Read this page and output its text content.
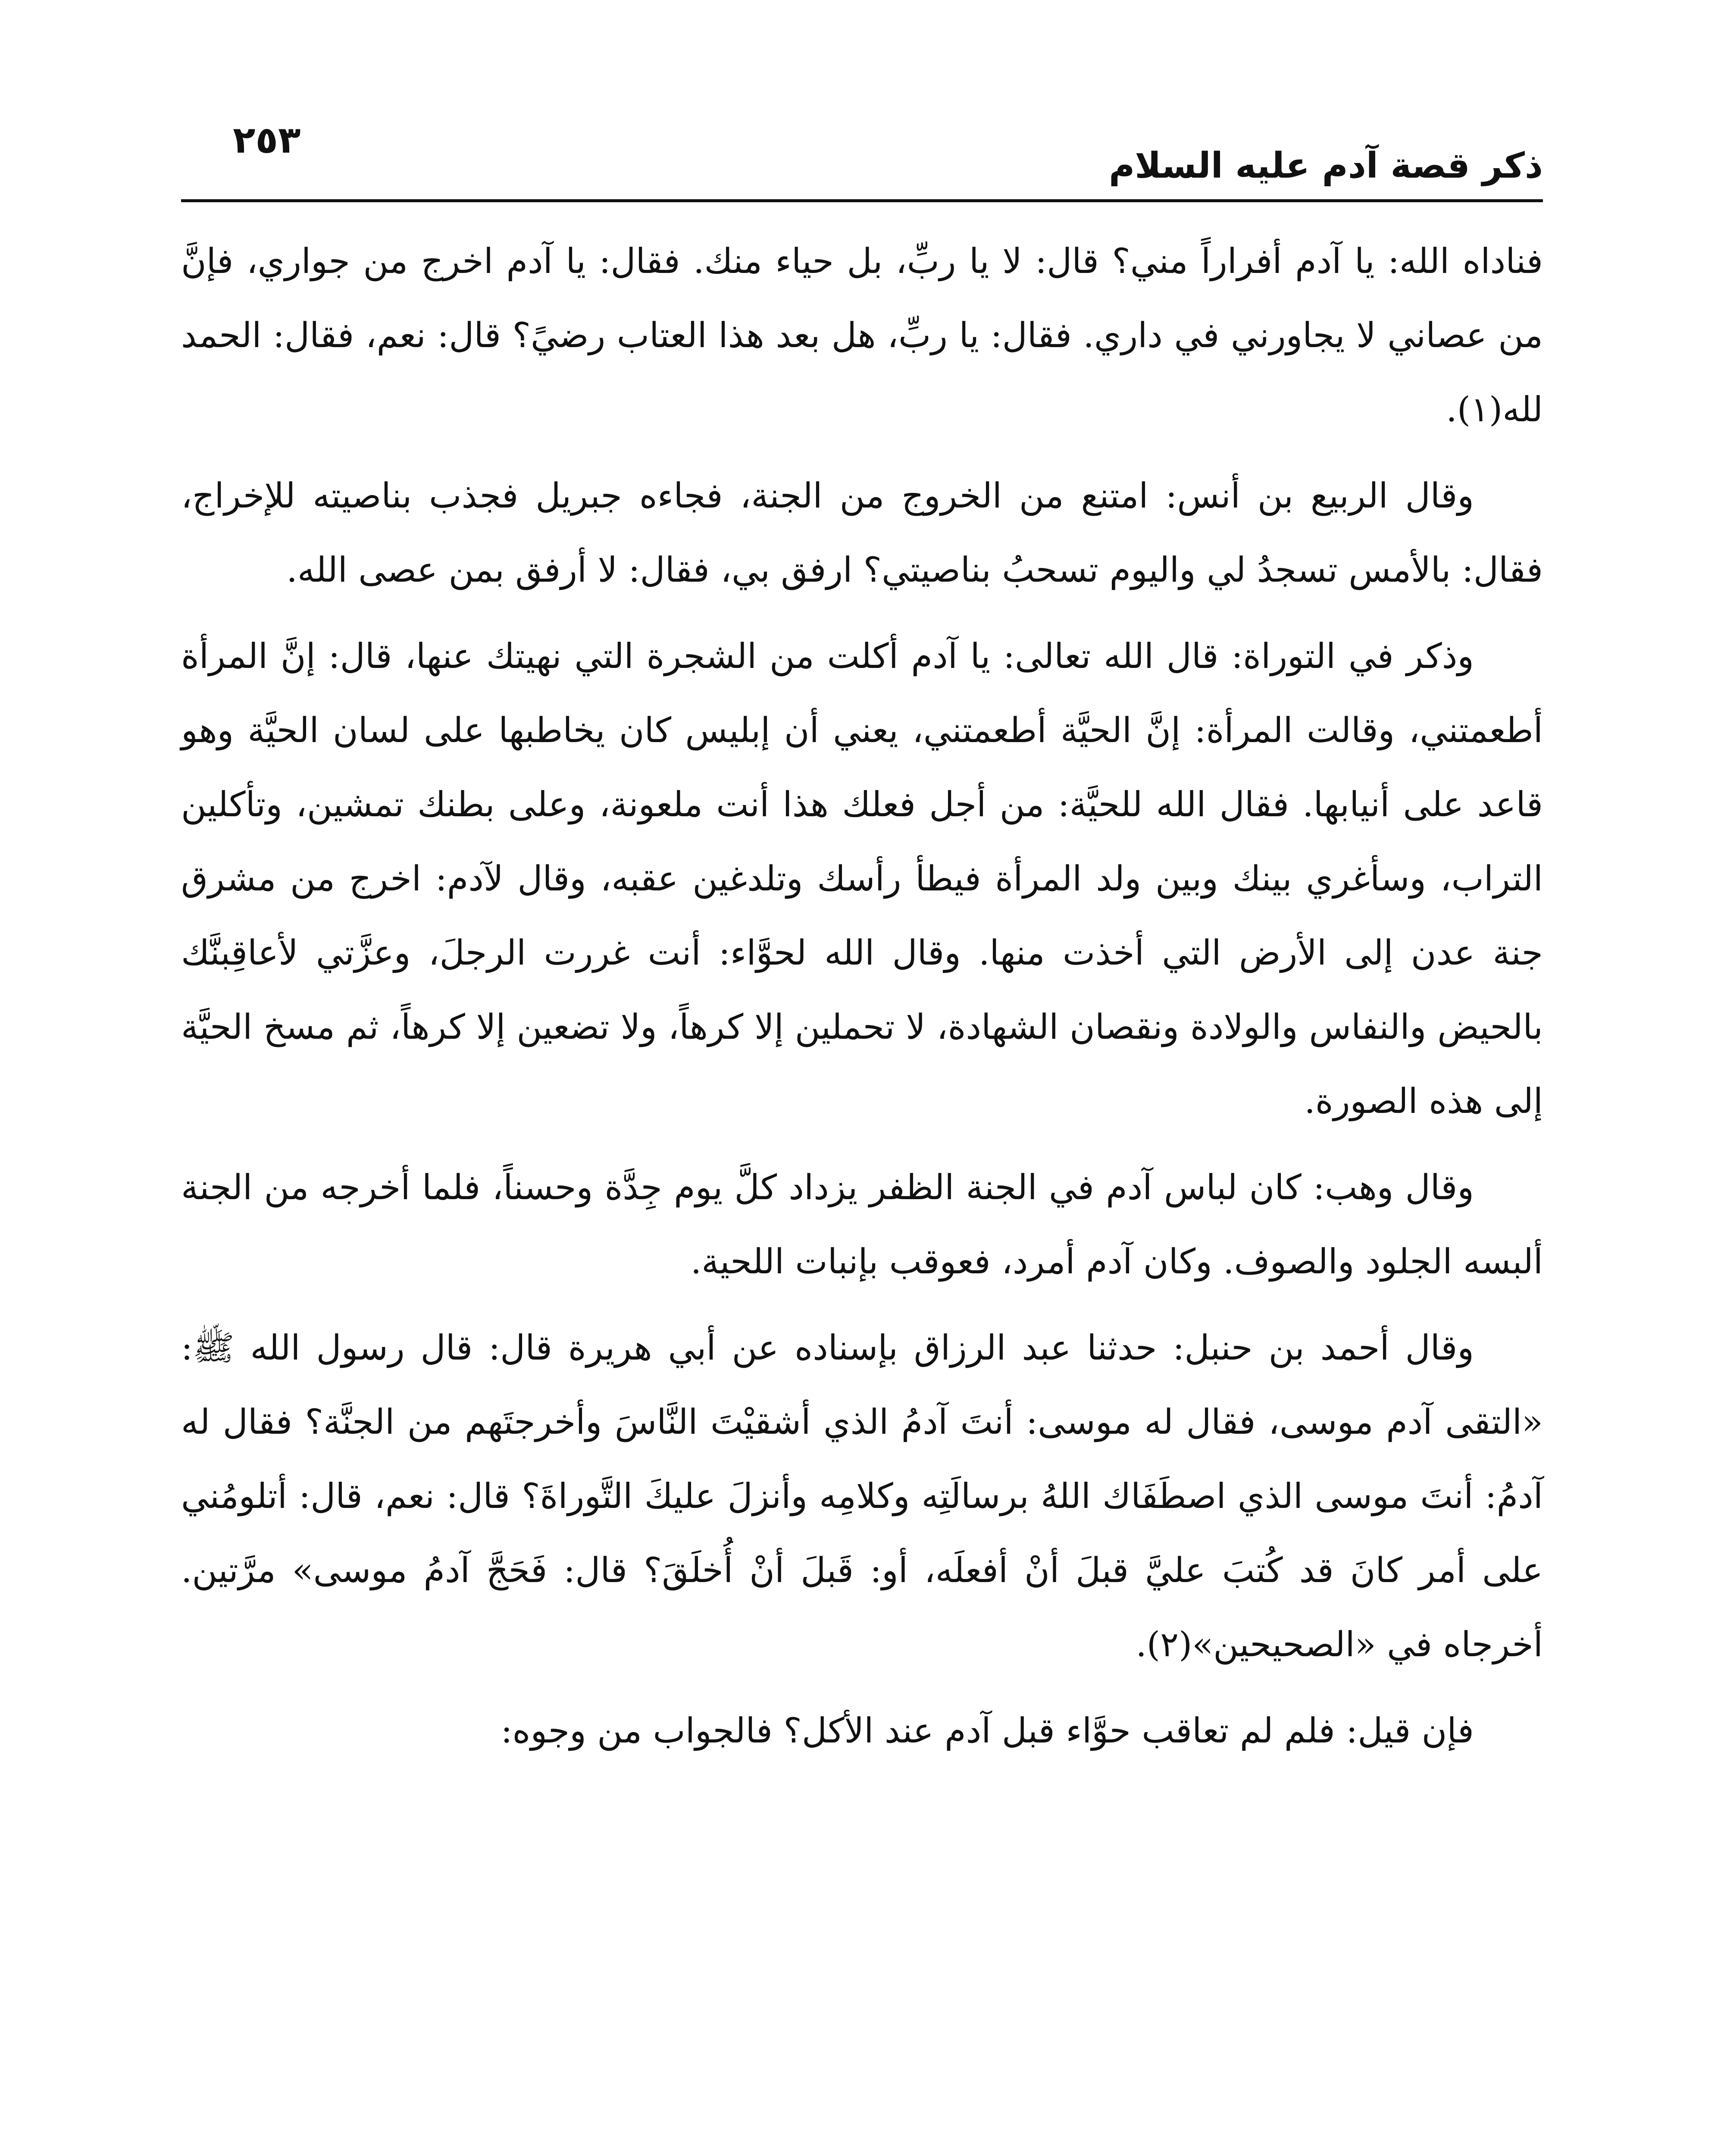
ذكر قصة آدم عليه السلام
٢٥٣

فناداه الله: يا آدم أفراراً مني؟ قال: لا يا ربِّ، بل حياء منك. فقال: يا آدم اخرج من جواري، فإنَّ من عصاني لا يجاورني في داري. فقال: يا ربِّ، هل بعد هذا العتاب رضيً؟ قال: نعم، فقال: الحمد لله(١).

وقال الربيع بن أنس: امتنع من الخروج من الجنة، فجاءه جبريل فجذب بناصيته للإخراج، فقال: بالأمس تسجدُ لي واليوم تسحبُ بناصيتي؟ ارفق بي، فقال: لا أرفق بمن عصى الله.

وذكر في التوراة: قال الله تعالى: يا آدم أكلت من الشجرة التي نهيتك عنها، قال: إنَّ المرأة أطعمتني، وقالت المرأة: إنَّ الحيَّة أطعمتني، يعني أن إبليس كان يخاطبها على لسان الحيَّة وهو قاعد على أنيابها. فقال الله للحيَّة: من أجل فعلك هذا أنت ملعونة، وعلى بطنك تمشين، وتأكلين التراب، وسأغري بينك وبين ولد المرأة فيطأ رأسك وتلدغين عقبه، وقال لآدم: اخرج من مشرق جنة عدن إلى الأرض التي أخذت منها. وقال الله لحوَّاء: أنت غررت الرجلَ، وعزَّتي لأعاقِبنَّك بالحيض والنفاس والولادة ونقصان الشهادة، لا تحملين إلا كرهاً، ولا تضعين إلا كرهاً، ثم مسخ الحيَّة إلى هذه الصورة.

وقال وهب: كان لباس آدم في الجنة الظفر يزداد كلَّ يوم جِدَّة وحسناً، فلما أخرجه من الجنة ألبسه الجلود والصوف. وكان آدم أمرد، فعوقب بإنبات اللحية.

وقال أحمد بن حنبل: حدثنا عبد الرزاق بإسناده عن أبي هريرة قال: قال رسول الله ﷺ: «التقى آدم موسى، فقال له موسى: أنتَ آدمُ الذي أشقيْتَ النَّاسَ وأخرجتَهم من الجنَّة؟ فقال له آدمُ: أنتَ موسى الذي اصطَفَاك اللهُ برسالَتِه وكلامِه وأنزلَ عليكَ التَّوراةَ؟ قال: نعم، قال: أتلومُني على أمر كانَ قد كُتبَ عليَّ قبلَ أنْ أفعلَه، أو: قَبلَ أنْ أُخلَقَ؟ قال: فَحَجَّ آدمُ موسى» مرَّتين. أخرجاه في «الصحيحين»(٢).

فإن قيل: فلم لم تعاقب حوَّاء قبل آدم عند الأكل؟ فالجواب من وجوه:
